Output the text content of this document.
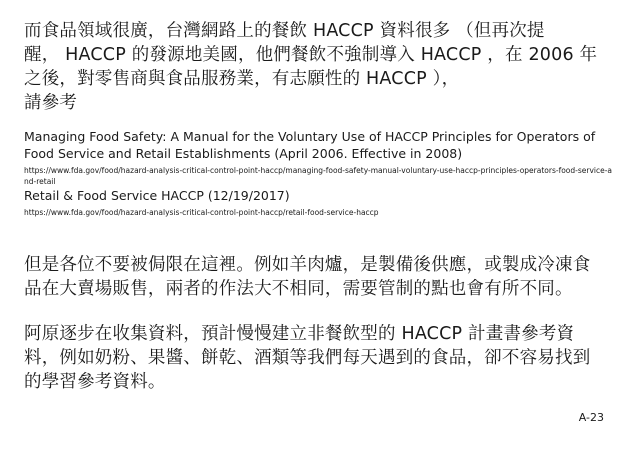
而食品領域很廣，台灣網路上的餐飲 HACCP 資料很多 （但再次提
醒， HACCP 的發源地美國，他們餐飲不強制導入 HACCP ，在 2006 年
之後，對零售商與食品服務業，有志願性的 HACCP ），
請參考

Managing Food Safety: A Manual for the Voluntary Use of HACCP Principles for Operators of
Food Service and Retail Establishments (April 2006. Effective in 2008)

https://www.fda.gov/food/hazard-analysis-critical-control-point-haccp/managing-food-safety-manual-voluntary-use-haccp-principles-operators-food-service-and-retail

Retail & Food Service HACCP (12/19/2017)

https://www.fda.gov/food/hazard-analysis-critical-control-point-haccp/retail-food-service-haccp

但是各位不要被侷限在這裡。例如羊肉爐，是製備後供應，或製成冷凍食
品在大賣場販售，兩者的作法大不相同，需要管制的點也會有所不同。

阿原逐步在收集資料，預計慢慢建立非餐飲型的 HACCP 計畫書參考資
料，例如奶粉、果醬、餅乾、酒類等我們每天遇到的食品，卻不容易找到
的學習參考資料。

A-23
